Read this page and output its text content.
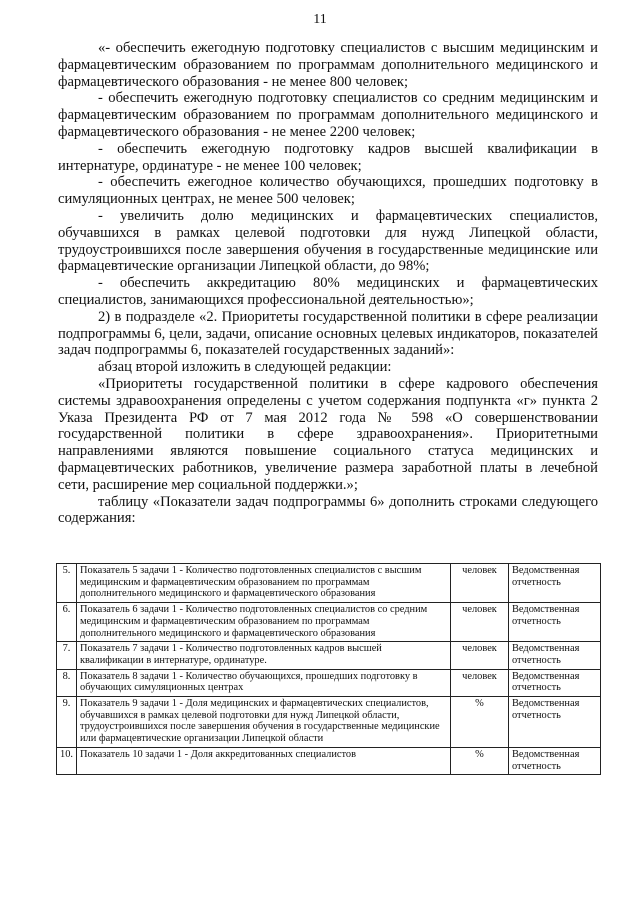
11

«- обеспечить ежегодную подготовку специалистов с высшим медицинским и фармацевтическим образованием по программам дополнительного медицинского и фармацевтического образования - не менее 800 человек;

- обеспечить ежегодную подготовку специалистов со средним медицинским и фармацевтическим образованием по программам дополнительного медицинского и фармацевтического образования - не менее 2200 человек;

- обеспечить ежегодную подготовку кадров высшей квалификации в интернатуре, ординатуре - не менее 100 человек;

- обеспечить ежегодное количество обучающихся, прошедших подготовку в симуляционных центрах, не менее 500 человек;

- увеличить долю медицинских и фармацевтических специалистов, обучавшихся в рамках целевой подготовки для нужд Липецкой области, трудоустроившихся после завершения обучения в государственные медицинские или фармацевтические организации Липецкой области, до 98%;

- обеспечить аккредитацию 80% медицинских и фармацевтических специалистов, занимающихся профессиональной деятельностью»;

2) в подразделе «2. Приоритеты государственной политики в сфере реализации подпрограммы 6, цели, задачи, описание основных целевых индикаторов, показателей задач подпрограммы 6, показателей государственных заданий»:

абзац второй изложить в следующей редакции:

«Приоритеты государственной политики в сфере кадрового обеспечения системы здравоохранения определены с учетом содержания подпункта «г» пункта 2 Указа Президента РФ от 7 мая 2012 года № 598 «О совершенствовании государственной политики в сфере здравоохранения». Приоритетными направлениями являются повышение социального статуса медицинских и фармацевтических работников, увеличение размера заработной платы в лечебной сети, расширение мер социальной поддержки.»;

таблицу «Показатели задач подпрограммы 6» дополнить строками следующего содержания:

5.	Показатель 5 задачи 1 - Количество подготовленных специалистов с высшим медицинским и фармацевтическим образованием по программам дополнительного медицинского и фармацевтического образования	человек	Ведомственная отчетность
6.	Показатель 6 задачи 1 - Количество подготовленных специалистов со средним медицинским и фармацевтическим образованием по программам дополнительного медицинского и фармацевтического образования	человек	Ведомственная отчетность
7.	Показатель 7 задачи 1 - Количество подготовленных кадров высшей квалификации в интернатуре, ординатуре.	человек	Ведомственная отчетность
8.	Показатель 8 задачи 1 - Количество обучающихся, прошедших подготовку в обучающих симуляционных центрах	человек	Ведомственная отчетность
9.	Показатель 9 задачи 1 - Доля медицинских и фармацевтических специалистов, обучавшихся в рамках целевой подготовки для нужд Липецкой области, трудоустроившихся после завершения обучения в государственные медицинские или фармацевтические организации Липецкой области	%	Ведомственная отчетность
10.	Показатель 10 задачи 1 - Доля аккредитованных специалистов	%	Ведомственная отчетность
